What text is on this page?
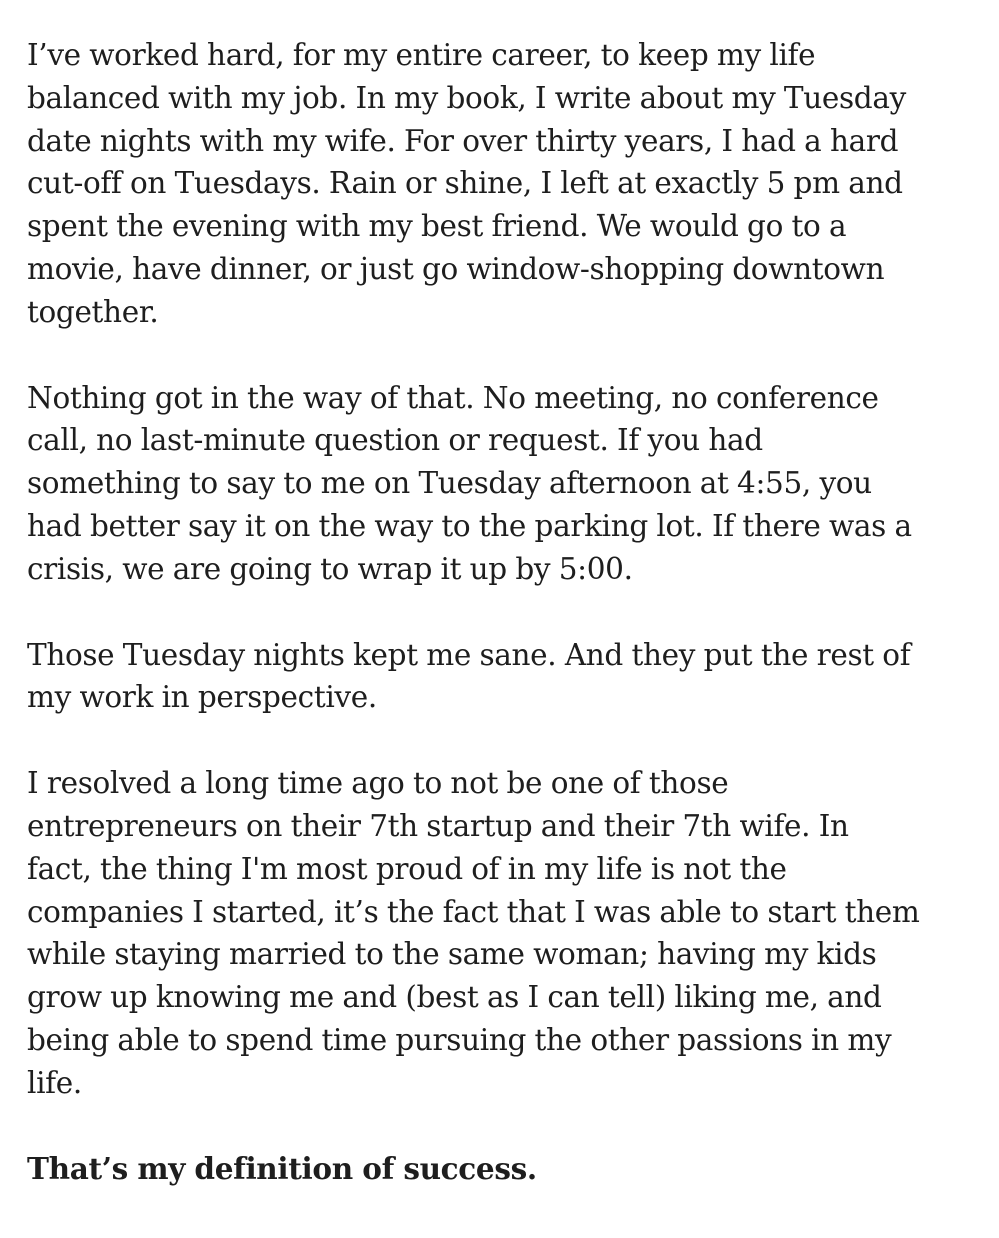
I’ve worked hard, for my entire career, to keep my life
balanced with my job. In my book, I write about my Tuesday
date nights with my wife. For over thirty years, I had a hard
cut-off on Tuesdays. Rain or shine, I left at exactly 5 pm and
spent the evening with my best friend. We would go to a
movie, have dinner, or just go window-shopping downtown
together.

Nothing got in the way of that. No meeting, no conference
call, no last-minute question or request. If you had
something to say to me on Tuesday afternoon at 4:55, you
had better say it on the way to the parking lot. If there was a
crisis, we are going to wrap it up by 5:00.

Those Tuesday nights kept me sane. And they put the rest of
my work in perspective.

I resolved a long time ago to not be one of those
entrepreneurs on their 7th startup and their 7th wife. In
fact, the thing I'm most proud of in my life is not the
companies I started, it’s the fact that I was able to start them
while staying married to the same woman; having my kids
grow up knowing me and (best as I can tell) liking me, and
being able to spend time pursuing the other passions in my
life.

That’s my definition of success.
